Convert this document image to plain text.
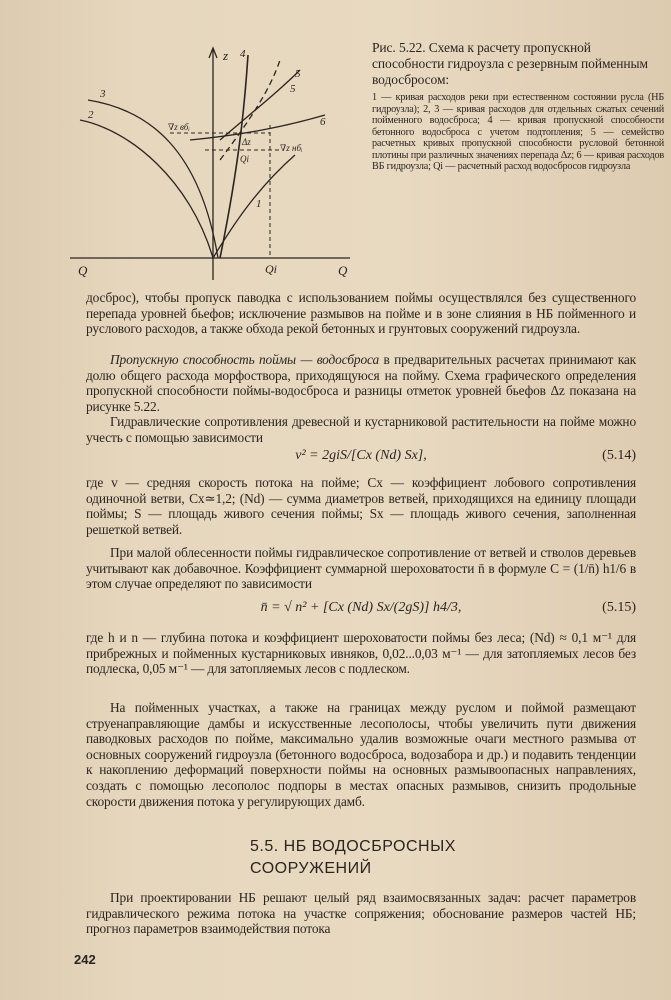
z
Q	Q
Qi
∇z вбᵢ
∇z нбᵢ
Δz
Qi
1
2
3
4
5
5
6

Рис. 5.22. Схема к расчету пропускной способности гидроузла с резервным пойменным водосбросом:

1 — кривая расходов реки при естественном состоянии русла (НБ гидроузла); 2, 3 — кривая расходов для отдельных сжатых сечений пойменного водосброса; 4 — кривая пропускной способности бетонного водосброса с учетом подтопления; 5 — семейство расчетных кривых пропускной способности русловой бетонной плотины при различных значениях перепада Δz; 6 — кривая расходов ВБ гидроузла; Qi — расчетный расход водосбросов гидроузла

досброс), чтобы пропуск паводка с использованием поймы осуществлялся без существенного перепада уровней бьефов; исключение размывов на пойме и в зоне слияния в НБ пойменного и руслового расходов, а также обхода рекой бетонных и грунтовых сооружений гидроузла.

Пропускную способность поймы — водосброса в предварительных расчетах принимают как долю общего расхода морфоствора, приходящуюся на пойму. Схема графического определения пропускной способности поймы-водосброса и разницы отметок уровней бьефов Δz показана на рисунке 5.22.

Гидравлические сопротивления древесной и кустарниковой растительности на пойме можно учесть с помощью зависимости

v² = 2giS/[Cx (Nd) Sx],	(5.14)

где v — средняя скорость потока на пойме; Cx — коэффициент лобового сопротивления одиночной ветви, Cx≃1,2; (Nd) — сумма диаметров ветвей, приходящихся на единицу площади поймы; S — площадь живого сечения поймы; Sx — площадь живого сечения, заполненная решеткой ветвей.

При малой облесенности поймы гидравлическое сопротивление от ветвей и стволов деревьев учитывают как добавочное. Коэффициент суммарной шероховатости n̄ в формуле C = (1/n̄) h1/6 в этом случае определяют по зависимости

n̄ = √ n² + [Cx (Nd) Sx/(2gS)] h4/3,	(5.15)

где h и n — глубина потока и коэффициент шероховатости поймы без леса; (Nd) ≈ 0,1 м⁻¹ для прибрежных и пойменных кустарниковых ивняков, 0,02...0,03 м⁻¹ — для затопляемых лесов без подлеска, 0,05 м⁻¹ — для затопляемых лесов с подлеском.

На пойменных участках, а также на границах между руслом и поймой размещают струенаправляющие дамбы и искусственные лесополосы, чтобы увеличить пути движения паводковых расходов по пойме, максимально удалив возможные очаги местного размыва от основных сооружений гидроузла (бетонного водосброса, водозабора и др.) и подавить тенденции к накоплению деформаций поверхности поймы на основных размывоопасных направлениях, создать с помощью лесополос подпоры в местах опасных размывов, снизить продольные скорости движения потока у регулирующих дамб.

5.5. НБ ВОДОСБРОСНЫХ
СООРУЖЕНИЙ

При проектировании НБ решают целый ряд взаимосвязанных задач: расчет параметров гидравлического режима потока на участке сопряжения; обоснование размеров частей НБ; прогноз параметров взаимодействия потока

242
